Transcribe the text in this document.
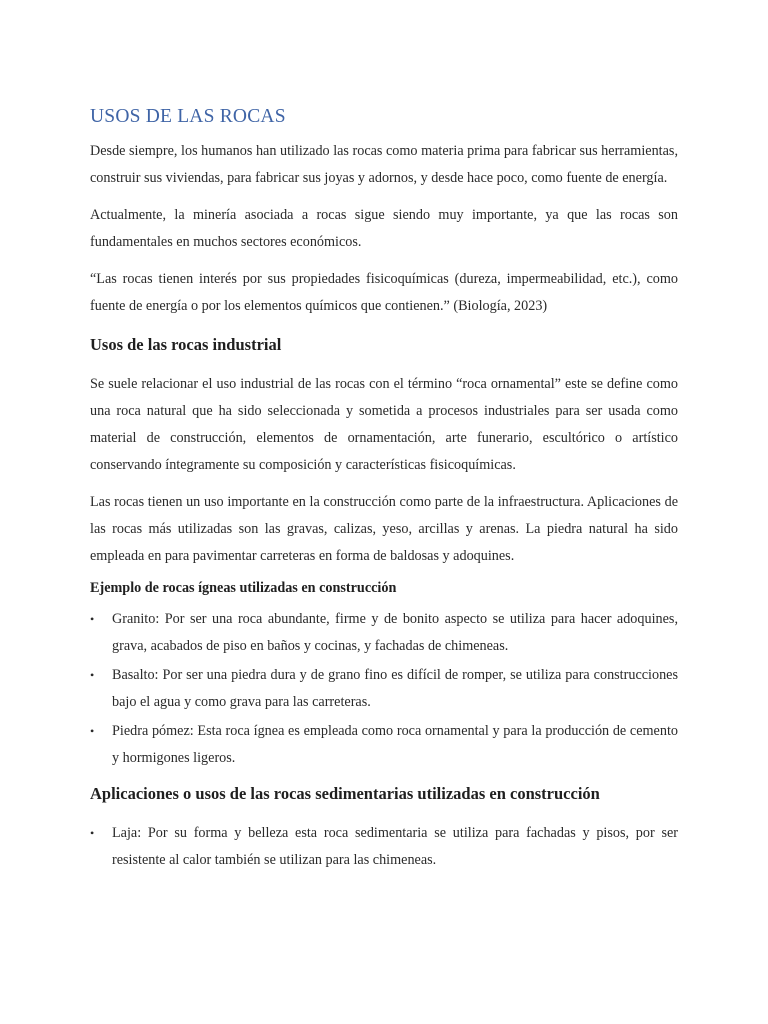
USOS DE LAS ROCAS

Desde siempre, los humanos han utilizado las rocas como materia prima para fabricar sus herramientas, construir sus viviendas, para fabricar sus joyas y adornos, y desde hace poco, como fuente de energía.

Actualmente, la minería asociada a rocas sigue siendo muy importante, ya que las rocas son fundamentales en muchos sectores económicos.

“Las rocas tienen interés por sus propiedades fisicoquímicas (dureza, impermeabilidad, etc.), como fuente de energía o por los elementos químicos que contienen.” (Biología, 2023)

Usos de las rocas industrial

Se suele relacionar el uso industrial de las rocas con el término “roca ornamental” este se define como una roca natural que ha sido seleccionada y sometida a procesos industriales para ser usada como material de construcción, elementos de ornamentación, arte funerario, escultórico o artístico conservando íntegramente su composición y características fisicoquímicas.

Las rocas tienen un uso importante en la construcción como parte de la infraestructura. Aplicaciones de las rocas más utilizadas son las gravas, calizas, yeso, arcillas y arenas. La piedra natural ha sido empleada en para pavimentar carreteras en forma de baldosas y adoquines.

Ejemplo de rocas ígneas utilizadas en construcción
• Granito: Por ser una roca abundante, firme y de bonito aspecto se utiliza para hacer adoquines, grava, acabados de piso en baños y cocinas, y fachadas de chimeneas.
• Basalto: Por ser una piedra dura y de grano fino es difícil de romper, se utiliza para construcciones bajo el agua y como grava para las carreteras.
• Piedra pómez: Esta roca ígnea es empleada como roca ornamental y para la producción de cemento y hormigones ligeros.
Aplicaciones o usos de las rocas sedimentarias utilizadas en construcción
• Laja: Por su forma y belleza esta roca sedimentaria se utiliza para fachadas y pisos, por ser resistente al calor también se utilizan para las chimeneas.
